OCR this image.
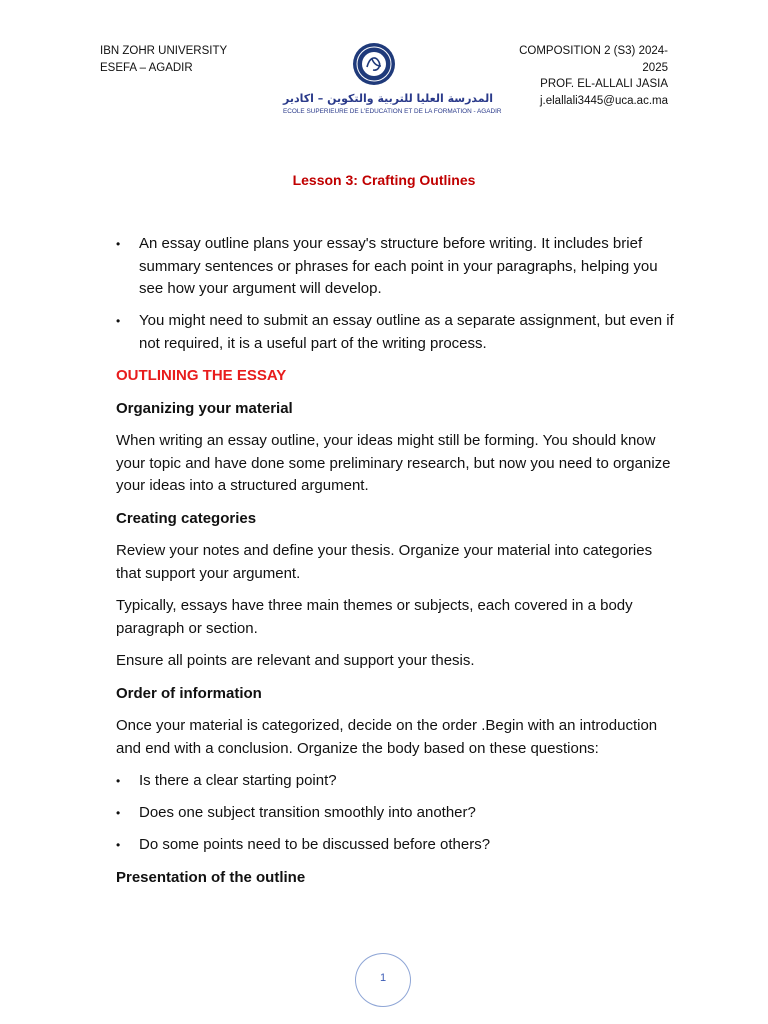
IBN ZOHR UNIVERSITY
ESEFA – AGADIR
المدرسة العليا للتربية والتكوين – اكادير
ECOLE SUPERIEURE DE L'EDUCATION ET DE LA FORMATION - AGADIR
COMPOSITION 2 (S3) 2024-
2025
PROF. EL-ALLALI JASIA
j.elallali3445@uca.ac.ma
Lesson 3: Crafting Outlines
• An essay outline plans your essay's structure before writing. It includes brief summary sentences or phrases for each point in your paragraphs, helping you see how your argument will develop.
• You might need to submit an essay outline as a separate assignment, but even if not required, it is a useful part of the writing process.
OUTLINING THE ESSAY
Organizing your material

When writing an essay outline, your ideas might still be forming. You should know your topic and have done some preliminary research, but now you need to organize your ideas into a structured argument.

Creating categories

Review your notes and define your thesis. Organize your material into categories that support your argument.

Typically, essays have three main themes or subjects, each covered in a body paragraph or section.

Ensure all points are relevant and support your thesis.

Order of information

Once your material is categorized, decide on the order .Begin with an introduction and end with a conclusion. Organize the body based on these questions:

• Is there a clear starting point?
• Does one subject transition smoothly into another?
• Do some points need to be discussed before others?
Presentation of the outline
1
